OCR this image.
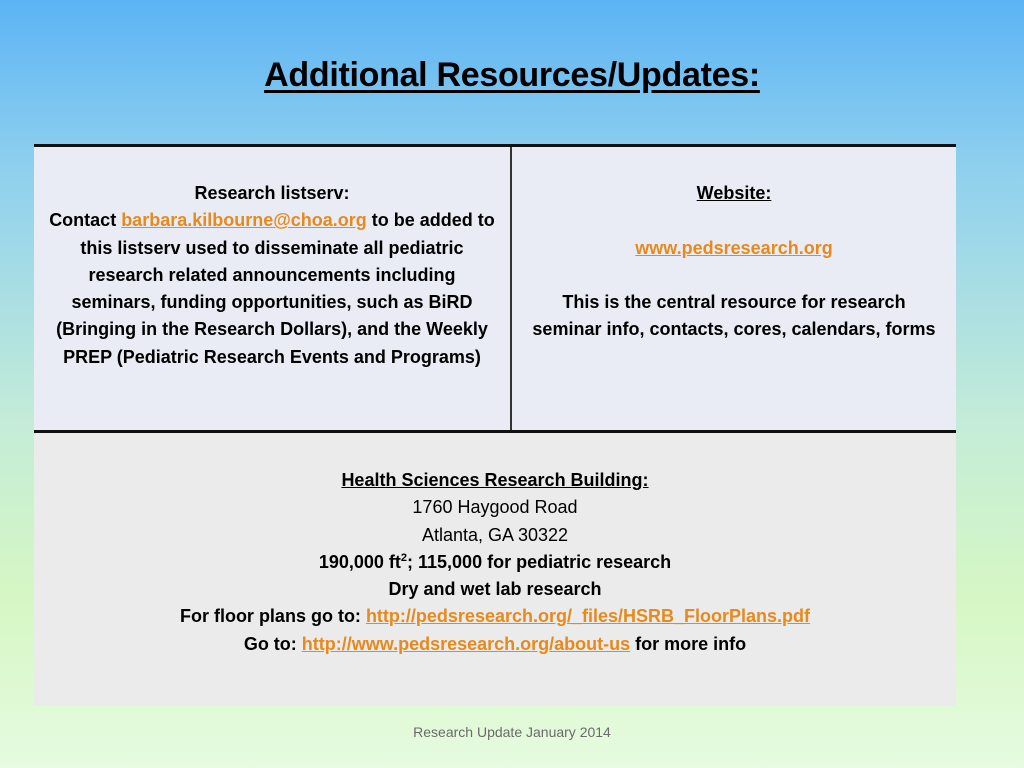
Additional Resources/Updates:
Research listserv:
Contact barbara.kilbourne@choa.org to be added to this listserv used to disseminate all pediatric research related announcements including seminars, funding opportunities, such as BiRD (Bringing in the Research Dollars), and the Weekly PREP (Pediatric Research Events and Programs)
Website:
www.pedsresearch.org
This is the central resource for research seminar info, contacts, cores, calendars, forms
Health Sciences Research Building:
1760 Haygood Road
Atlanta, GA 30322
190,000 $ft^2$; 115,000 for pediatric research
Dry and wet lab research
For floor plans go to: http://pedsresearch.org/_files/HSRB_FloorPlans.pdf
Go to: http://www.pedsresearch.org/about-us for more info
Research Update January 2014
